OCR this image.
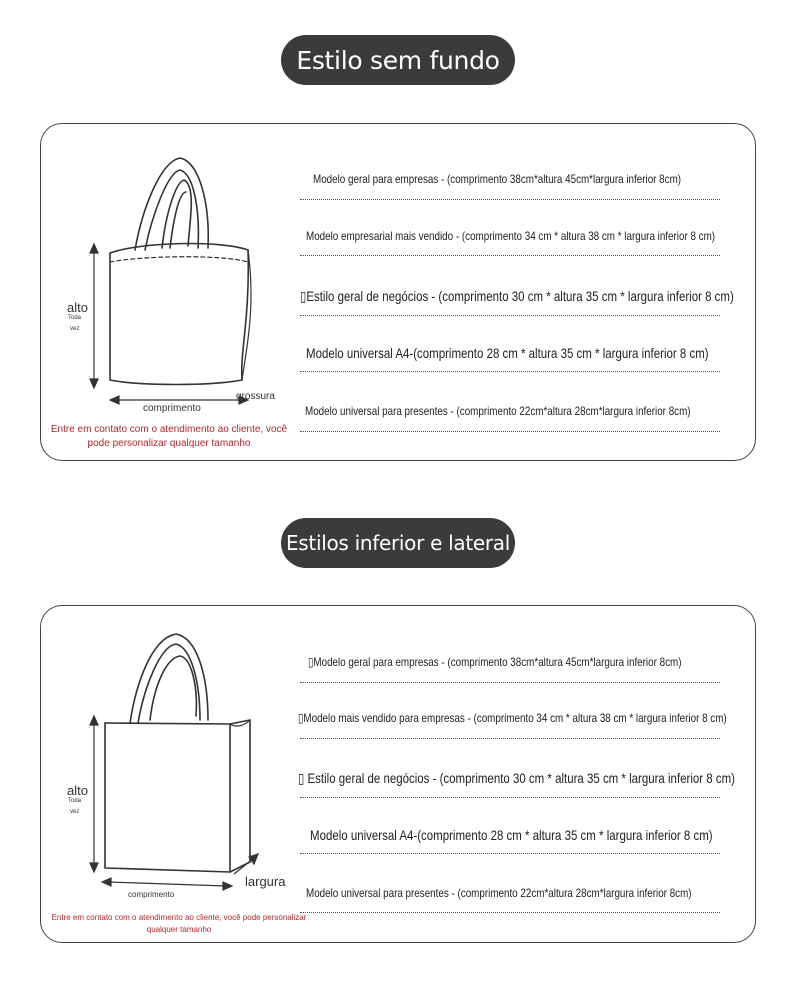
Estilo sem fundo
alto
Toda
vez
comprimento
grossura
Entre em contato com o atendimento ao cliente, você pode personalizar qualquer tamanho
Modelo geral para empresas - (comprimento 38cm*altura 45cm*largura inferior 8cm)
Modelo empresarial mais vendido - (comprimento 34 cm * altura 38 cm * largura inferior 8 cm)
▯Estilo geral de negócios - (comprimento 30 cm * altura 35 cm * largura inferior 8 cm)
Modelo universal A4-(comprimento 28 cm * altura 35 cm * largura inferior 8 cm)
Modelo universal para presentes - (comprimento 22cm*altura 28cm*largura inferior 8cm)
Estilos inferior e lateral
alto
Toda
vez
comprimento
largura
Entre em contato com o atendimento ao cliente, você pode personalizar qualquer tamanho
▯Modelo geral para empresas - (comprimento 38cm*altura 45cm*largura inferior 8cm)
▯Modelo mais vendido para empresas - (comprimento 34 cm * altura 38 cm * largura inferior 8 cm)
▯ Estilo geral de negócios - (comprimento 30 cm * altura 35 cm * largura inferior 8 cm)
Modelo universal A4-(comprimento 28 cm * altura 35 cm * largura inferior 8 cm)
Modelo universal para presentes - (comprimento 22cm*altura 28cm*largura inferior 8cm)
